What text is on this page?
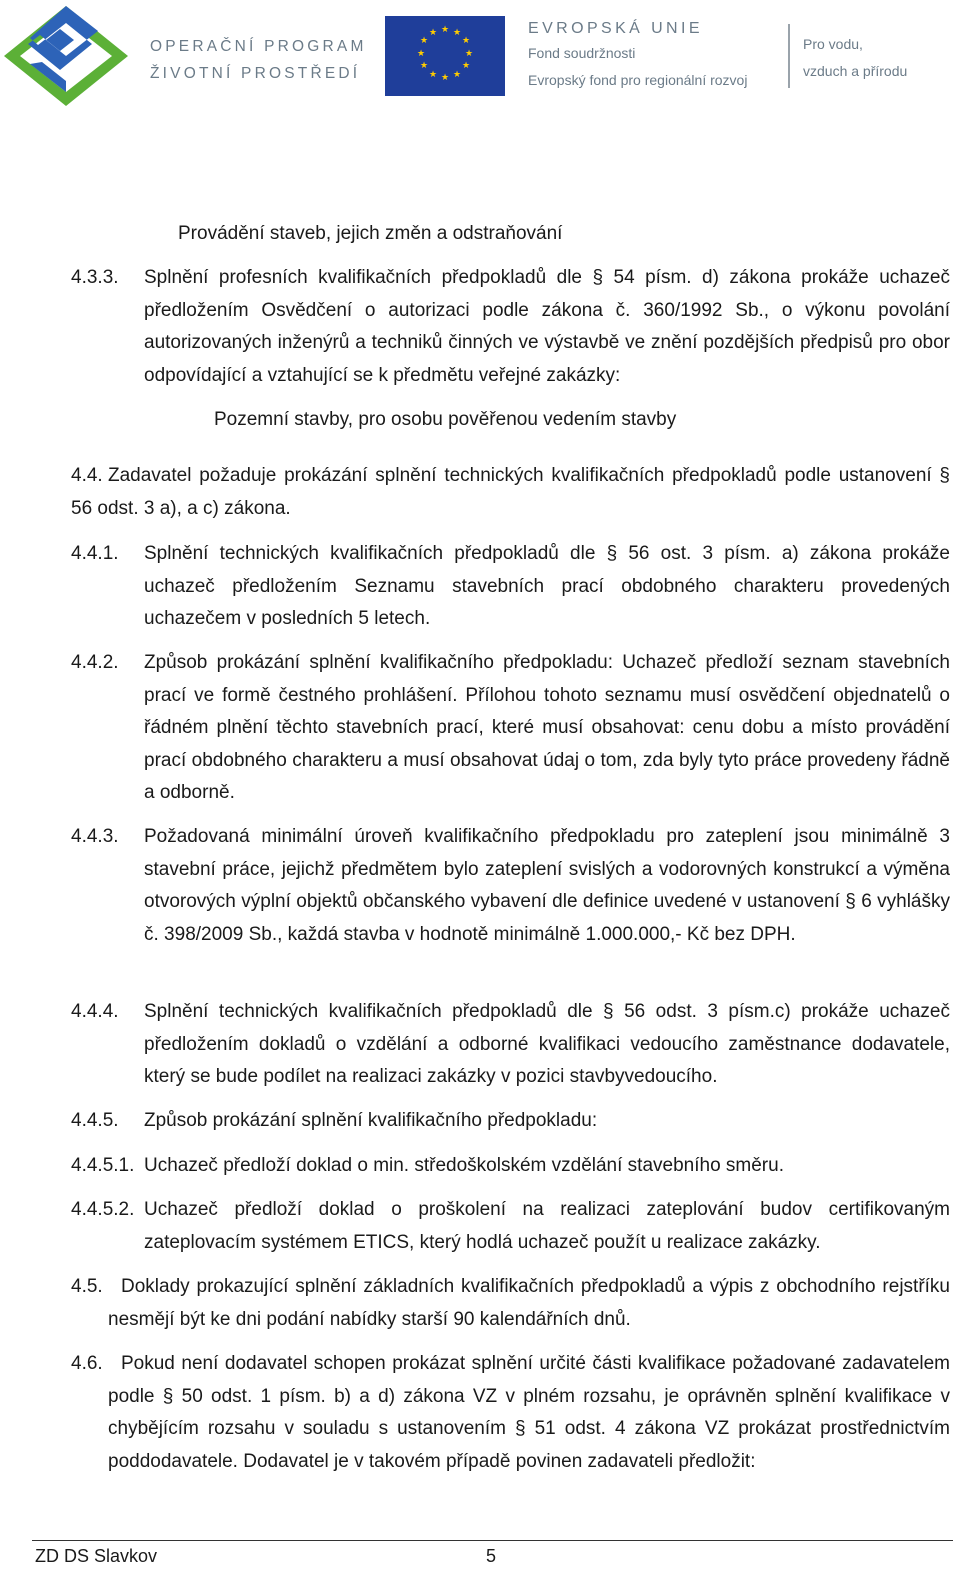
OPERAČNÍ PROGRAM
ŽIVOTNÍ PROSTŘEDÍ
★ ★
★
★
★
★
★
★
★
★
★
★	EVROPSKÁ UNIE
Fond soudržnosti
Evropský fond pro regionální rozvoj
Pro vodu,
vzduch a přírodu
Provádění staveb, jejich změn a odstraňování
4.3.3. Splnění profesních kvalifikačních předpokladů dle § 54 písm. d) zákona prokáže uchazeč předložením Osvědčení o autorizaci podle zákona č. 360/1992 Sb., o výkonu povolání autorizovaných inženýrů a techniků činných ve výstavbě ve znění pozdějších předpisů pro obor odpovídající a vztahující se k předmětu veřejné zakázky:

Pozemní stavby, pro osobu pověřenou vedením stavby

4.4. Zadavatel požaduje prokázání splnění technických kvalifikačních předpokladů podle ustanovení § 56 odst. 3 a), a c) zákona.

4.4.1. Splnění technických kvalifikačních předpokladů dle § 56 ost. 3 písm. a) zákona prokáže uchazeč předložením Seznamu stavebních prací obdobného charakteru provedených uchazečem v posledních 5 letech.

4.4.2. Způsob prokázání splnění kvalifikačního předpokladu: Uchazeč předloží seznam stavebních prací ve formě čestného prohlášení. Přílohou tohoto seznamu musí osvědčení objednatelů o řádném plnění těchto stavebních prací, které musí obsahovat: cenu dobu a místo provádění prací obdobného charakteru a musí obsahovat údaj o tom, zda byly tyto práce provedeny řádně a odborně.

4.4.3. Požadovaná minimální úroveň kvalifikačního předpokladu pro zateplení jsou minimálně 3 stavební práce, jejichž předmětem bylo zateplení svislých a vodorovných konstrukcí a výměna otvorových výplní objektů občanského vybavení dle definice uvedené v ustanovení § 6 vyhlášky č. 398/2009 Sb., každá stavba v hodnotě minimálně 1.000.000,- Kč bez DPH.

4.4.4. Splnění technických kvalifikačních předpokladů dle § 56 odst. 3 písm.c) prokáže uchazeč předložením dokladů o vzdělání a odborné kvalifikaci vedoucího zaměstnance dodavatele, který se bude podílet na realizaci zakázky v pozici stavbyvedoucího.

4.4.5. Způsob prokázání splnění kvalifikačního předpokladu:

4.4.5.1. Uchazeč předloží doklad o min. středoškolském vzdělání stavebního směru.

4.4.5.2. Uchazeč předloží doklad o proškolení na realizaci zateplování budov certifikovaným zateplovacím systémem ETICS, který hodlá uchazeč použít u realizace zakázky.

4.5. Doklady prokazující splnění základních kvalifikačních předpokladů a výpis z obchodního rejstříku nesmějí být ke dni podání nabídky starší 90 kalendářních dnů.

4.6. Pokud není dodavatel schopen prokázat splnění určité části kvalifikace požadované zadavatelem podle § 50 odst. 1 písm. b) a d) zákona VZ v plném rozsahu, je oprávněn splnění kvalifikace v chybějícím rozsahu v souladu s ustanovením § 51 odst. 4 zákona VZ prokázat prostřednictvím poddodavatele. Dodavatel je v takovém případě povinen zadavateli předložit:

ZD DS Slavkov	5
